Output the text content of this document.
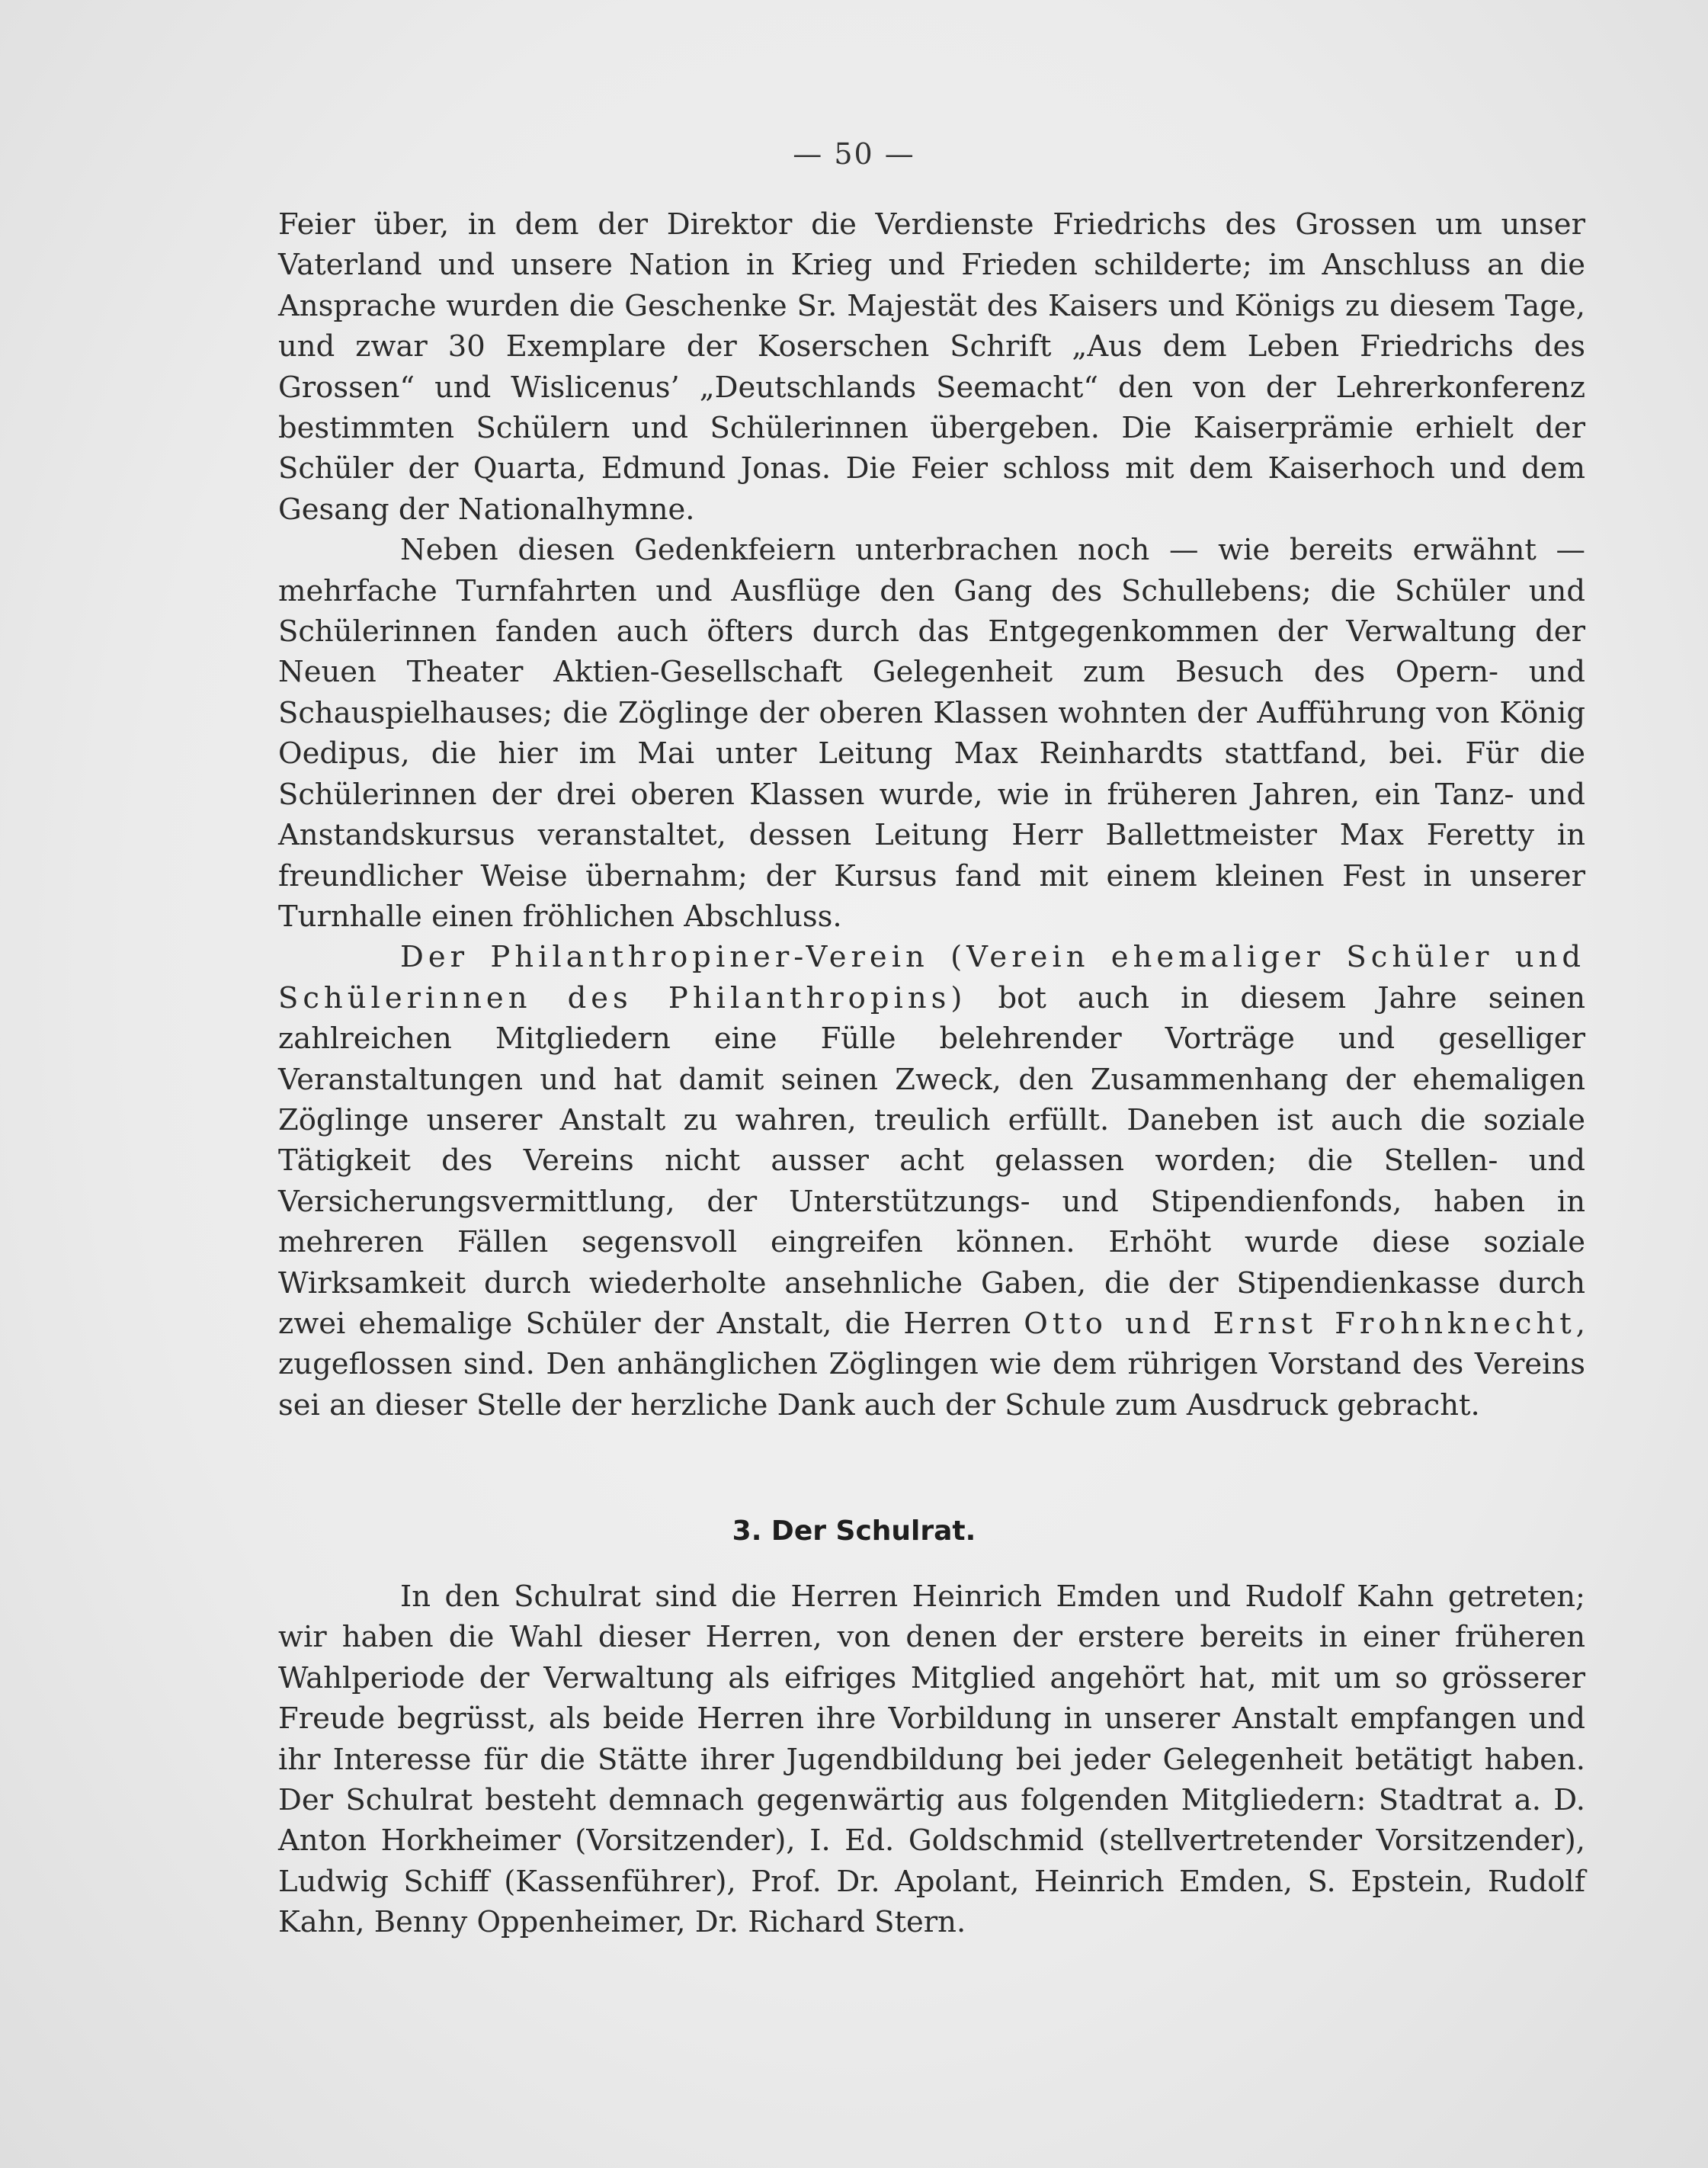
— 50 —

Feier über, in dem der Direktor die Verdienste Friedrichs des Grossen um unser Vaterland und unsere Nation in Krieg und Frieden schilderte; im Anschluss an die Ansprache wurden die Geschenke Sr. Majestät des Kaisers und Königs zu diesem Tage, und zwar 30 Exemplare der Koserschen Schrift „Aus dem Leben Friedrichs des Grossen“ und Wislicenus’ „Deutschlands Seemacht“ den von der Lehrerkonferenz bestimmten Schülern und Schülerinnen übergeben. Die Kaiserprämie erhielt der Schüler der Quarta, Edmund Jonas. Die Feier schloss mit dem Kaiserhoch und dem Gesang der Nationalhymne.

Neben diesen Gedenkfeiern unterbrachen noch — wie bereits erwähnt — mehrfache Turnfahrten und Ausflüge den Gang des Schullebens; die Schüler und Schülerinnen fanden auch öfters durch das Entgegenkommen der Verwaltung der Neuen Theater Aktien-Gesellschaft Gelegenheit zum Besuch des Opern- und Schauspielhauses; die Zöglinge der oberen Klassen wohnten der Aufführung von König Oedipus, die hier im Mai unter Leitung Max Reinhardts stattfand, bei. Für die Schülerinnen der drei oberen Klassen wurde, wie in früheren Jahren, ein Tanz- und Anstandskursus veranstaltet, dessen Leitung Herr Ballettmeister Max Feretty in freundlicher Weise übernahm; der Kursus fand mit einem kleinen Fest in unserer Turnhalle einen fröhlichen Abschluss.

Der Philanthropiner-Verein (Verein ehemaliger Schüler und Schülerinnen des Philanthropins) bot auch in diesem Jahre seinen zahlreichen Mitgliedern eine Fülle belehrender Vorträge und geselliger Veranstaltungen und hat damit seinen Zweck, den Zusammenhang der ehemaligen Zöglinge unserer Anstalt zu wahren, treulich erfüllt. Daneben ist auch die soziale Tätigkeit des Vereins nicht ausser acht gelassen worden; die Stellen- und Versicherungsvermittlung, der Unterstützungs- und Stipendienfonds, haben in mehreren Fällen segensvoll eingreifen können. Erhöht wurde diese soziale Wirksamkeit durch wiederholte ansehnliche Gaben, die der Stipendienkasse durch zwei ehemalige Schüler der Anstalt, die Herren Otto und Ernst Frohnknecht, zugeflossen sind. Den anhänglichen Zöglingen wie dem rührigen Vorstand des Vereins sei an dieser Stelle der herzliche Dank auch der Schule zum Ausdruck gebracht.

3. Der Schulrat.

In den Schulrat sind die Herren Heinrich Emden und Rudolf Kahn getreten; wir haben die Wahl dieser Herren, von denen der erstere bereits in einer früheren Wahlperiode der Verwaltung als eifriges Mitglied angehört hat, mit um so grösserer Freude begrüsst, als beide Herren ihre Vorbildung in unserer Anstalt empfangen und ihr Interesse für die Stätte ihrer Jugendbildung bei jeder Gelegenheit betätigt haben. Der Schulrat besteht demnach gegenwärtig aus folgenden Mitgliedern: Stadtrat a. D. Anton Horkheimer (Vorsitzender), I. Ed. Goldschmid (stellvertretender Vorsitzender), Ludwig Schiff (Kassenführer), Prof. Dr. Apolant, Heinrich Emden, S. Epstein, Rudolf Kahn, Benny Oppenheimer, Dr. Richard Stern.
